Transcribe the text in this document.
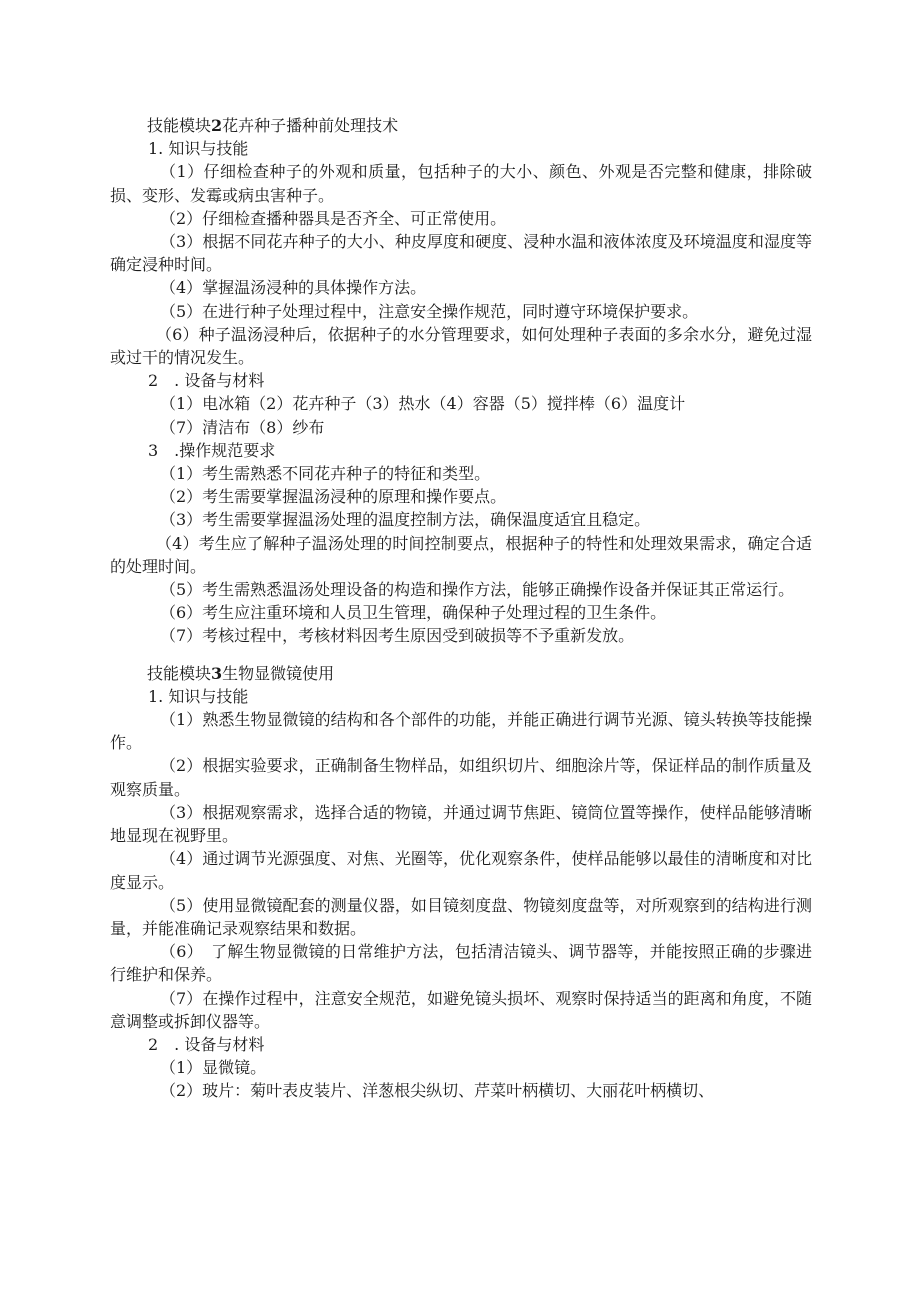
技能模块2花卉种子播种前处理技术

1. 知识与技能

（1）仔细检查种子的外观和质量，包括种子的大小、颜色、外观是否完整和健康，排除破损、变形、发霉或病虫害种子。

（2）仔细检查播种器具是否齐全、可正常使用。

（3）根据不同花卉种子的大小、种皮厚度和硬度、浸种水温和液体浓度及环境温度和湿度等确定浸种时间。

（4）掌握温汤浸种的具体操作方法。

（5）在进行种子处理过程中，注意安全操作规范，同时遵守环境保护要求。

（6）种子温汤浸种后，依据种子的水分管理要求，如何处理种子表面的多余水分，避免过湿或过干的情况发生。

2　. 设备与材料

（1）电冰箱（2）花卉种子（3）热水（4）容器（5）搅拌棒（6）温度计

（7）清洁布（8）纱布

3　.操作规范要求

（1）考生需熟悉不同花卉种子的特征和类型。

（2）考生需要掌握温汤浸种的原理和操作要点。

（3）考生需要掌握温汤处理的温度控制方法，确保温度适宜且稳定。

（4）考生应了解种子温汤处理的时间控制要点，根据种子的特性和处理效果需求，确定合适的处理时间。

（5）考生需熟悉温汤处理设备的构造和操作方法，能够正确操作设备并保证其正常运行。

（6）考生应注重环境和人员卫生管理，确保种子处理过程的卫生条件。

（7）考核过程中，考核材料因考生原因受到破损等不予重新发放。

技能模块3生物显微镜使用

1. 知识与技能

（1）熟悉生物显微镜的结构和各个部件的功能，并能正确进行调节光源、镜头转换等技能操作。

（2）根据实验要求，正确制备生物样品，如组织切片、细胞涂片等，保证样品的制作质量及观察质量。

（3）根据观察需求，选择合适的物镜，并通过调节焦距、镜筒位置等操作，使样品能够清晰地显现在视野里。

（4）通过调节光源强度、对焦、光圈等，优化观察条件，使样品能够以最佳的清晰度和对比度显示。

（5）使用显微镜配套的测量仪器，如目镜刻度盘、物镜刻度盘等，对所观察到的结构进行测量，并能准确记录观察结果和数据。

（6）　了解生物显微镜的日常维护方法，包括清洁镜头、调节器等，并能按照正确的步骤进行维护和保养。

（7）在操作过程中，注意安全规范，如避免镜头损坏、观察时保持适当的距离和角度，不随意调整或拆卸仪器等。

2　. 设备与材料

（1）显微镜。

（2）玻片：菊叶表皮装片、洋葱根尖纵切、芹菜叶柄横切、大丽花叶柄横切、
